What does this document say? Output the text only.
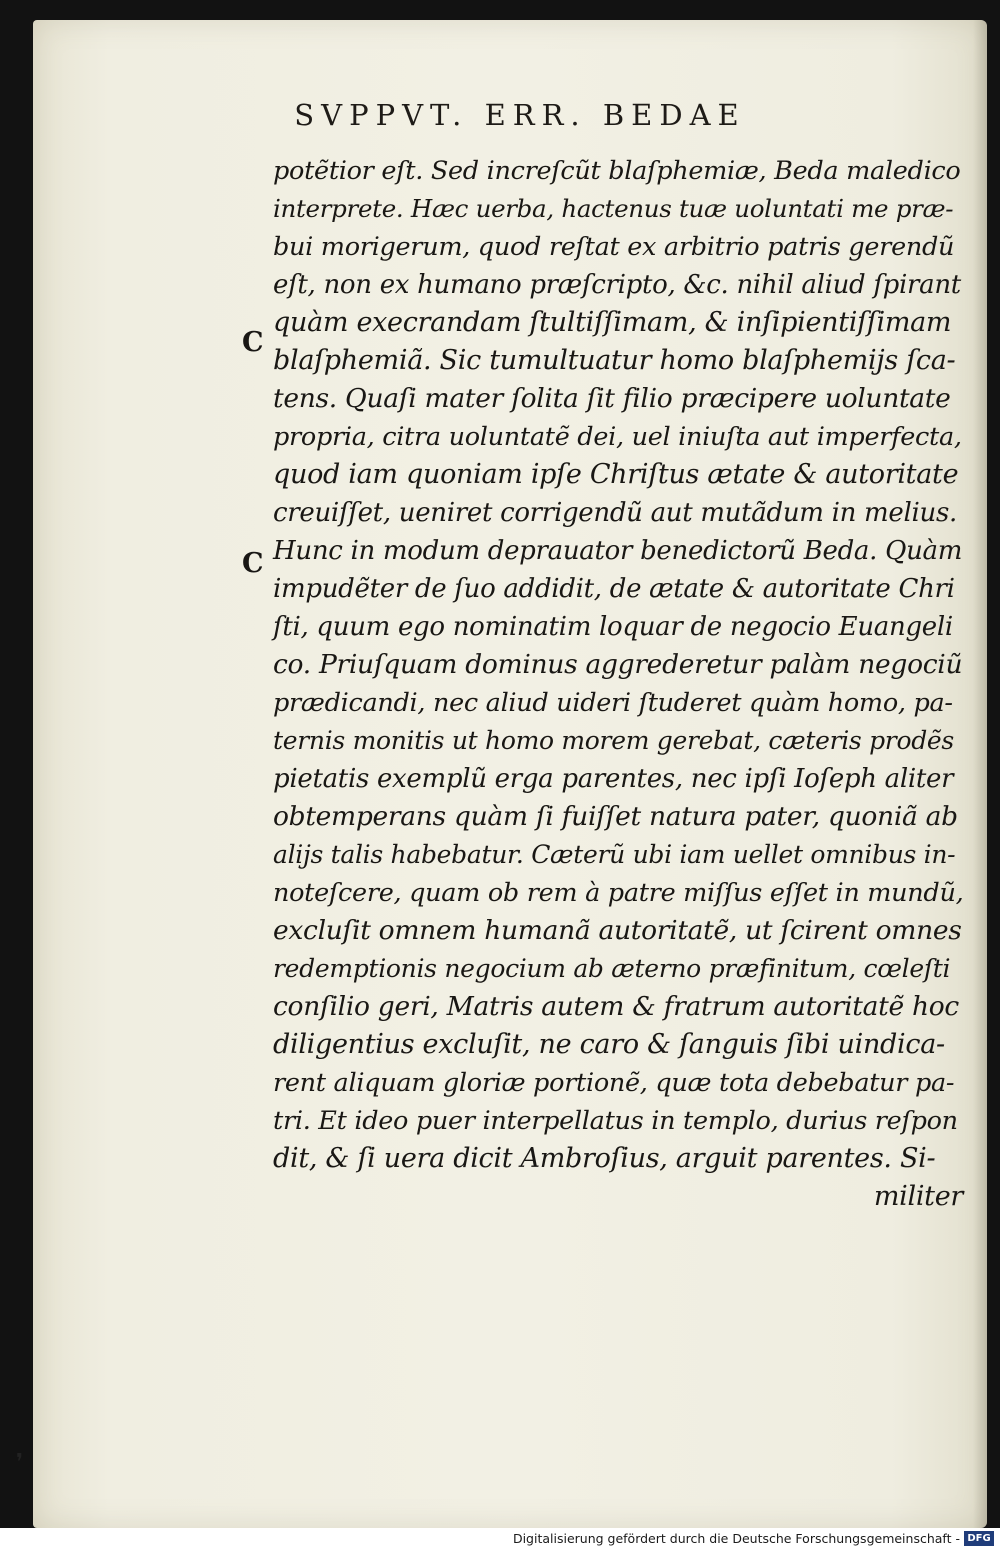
SVPPVT. ERR. BEDAE
C
C
potẽtior eſt. Sed increſcũt blaſphemiæ, Beda maledico
interprete. Hæc uerba, hactenus tuæ uoluntati me præ-
bui morigerum, quod reſtat ex arbitrio patris gerendũ
eſt, non ex humano præſcripto, &c. nihil aliud ſpirant
quàm execrandam ſtultiſſimam, & inſipientiſſimam
blaſphemiã. Sic tumultuatur homo blaſphemijs ſca-
tens. Quaſi mater ſolita ſit filio præcipere uoluntate
propria, citra uoluntatẽ dei, uel iniuſta aut imperfecta,
quod iam quoniam ipſe Chriſtus ætate & autoritate
creuiſſet, ueniret corrigendũ aut mutãdum in melius.
Hunc in modum deprauator benedictorũ Beda. Quàm
impudẽter de ſuo addidit, de ætate & autoritate Chri
ſti, quum ego nominatim loquar de negocio Euangeli
co. Priuſquam dominus aggrederetur palàm negociũ
prædicandi, nec aliud uideri ſtuderet quàm homo, pa-
ternis monitis ut homo morem gerebat, cæteris prodẽs
pietatis exemplũ erga parentes, nec ipſi Ioſeph aliter
obtemperans quàm ſi fuiſſet natura pater, quoniã ab
alijs talis habebatur. Cæterũ ubi iam uellet omnibus in-
noteſcere, quam ob rem à patre miſſus eſſet in mundũ,
excluſit omnem humanã autoritatẽ, ut ſcirent omnes
redemptionis negocium ab æterno præfinitum, cœleſti
conſilio geri, Matris autem & fratrum autoritatẽ hoc
diligentius excluſit, ne caro & ſanguis ſibi uindica-
rent aliquam gloriæ portionẽ, quæ tota debebatur pa-
tri. Et ideo puer interpellatus in templo, durius reſpon
dit, & ſi uera dicit Ambroſius, arguit parentes. Si-
militer
❜
Digitalisierung gefördert durch die Deutsche Forschungsgemeinschaft - DFG
